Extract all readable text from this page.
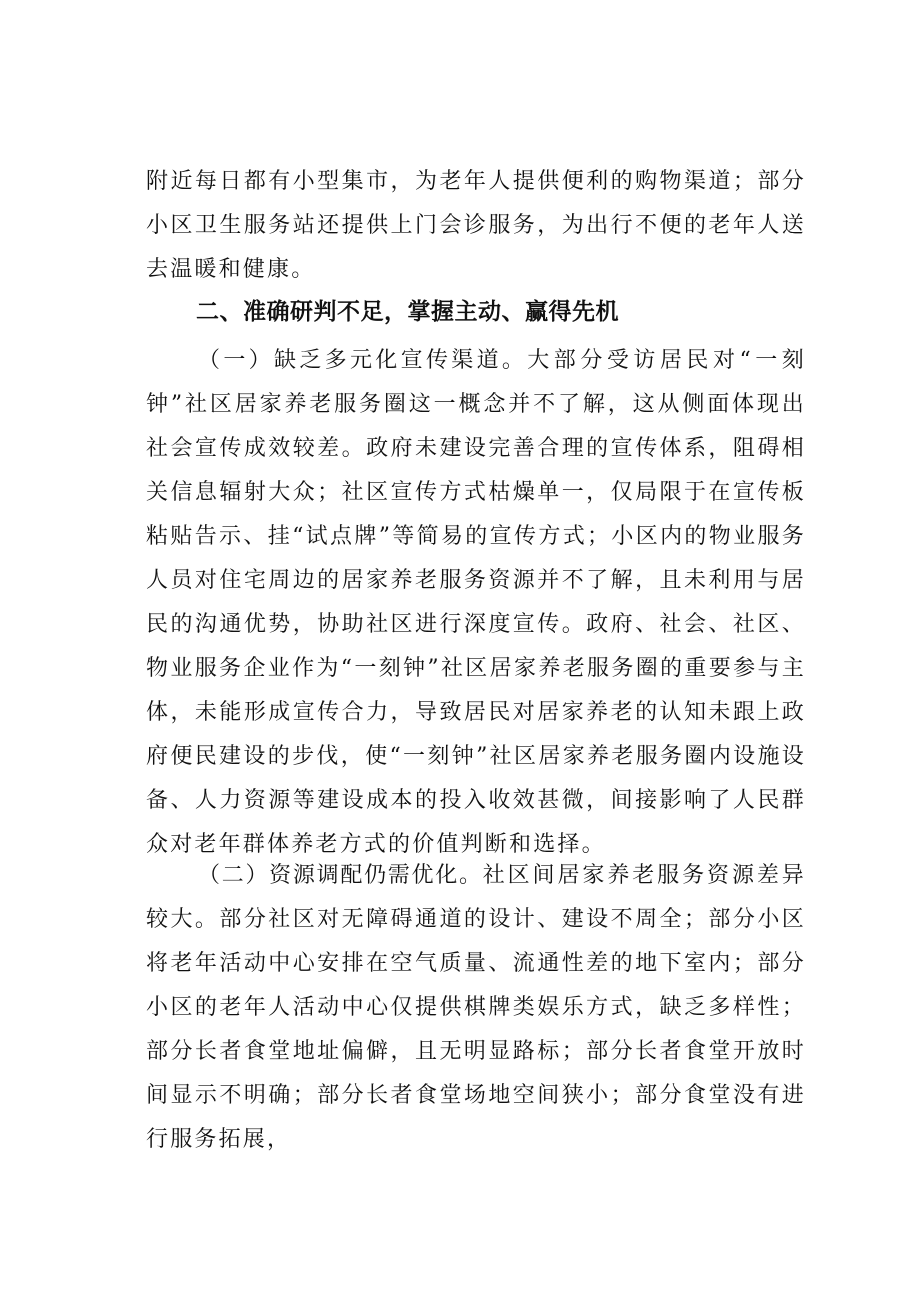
附近每日都有小型集市，为老年人提供便利的购物渠道；部分小区卫生服务站还提供上门会诊服务，为出行不便的老年人送去温暖和健康。

二、准确研判不足，掌握主动、赢得先机

（一）缺乏多元化宣传渠道。大部分受访居民对“一刻钟”社区居家养老服务圈这一概念并不了解，这从侧面体现出社会宣传成效较差。政府未建设完善合理的宣传体系，阻碍相关信息辐射大众；社区宣传方式枯燥单一，仅局限于在宣传板粘贴告示、挂“试点牌”等简易的宣传方式；小区内的物业服务人员对住宅周边的居家养老服务资源并不了解，且未利用与居民的沟通优势，协助社区进行深度宣传。政府、社会、社区、物业服务企业作为“一刻钟”社区居家养老服务圈的重要参与主体，未能形成宣传合力，导致居民对居家养老的认知未跟上政府便民建设的步伐，使“一刻钟”社区居家养老服务圈内设施设备、人力资源等建设成本的投入收效甚微，间接影响了人民群众对老年群体养老方式的价值判断和选择。

（二）资源调配仍需优化。社区间居家养老服务资源差异较大。部分社区对无障碍通道的设计、建设不周全；部分小区将老年活动中心安排在空气质量、流通性差的地下室内；部分小区的老年人活动中心仅提供棋牌类娱乐方式，缺乏多样性；部分长者食堂地址偏僻，且无明显路标；部分长者食堂开放时间显示不明确；部分长者食堂场地空间狭小；部分食堂没有进行服务拓展，
